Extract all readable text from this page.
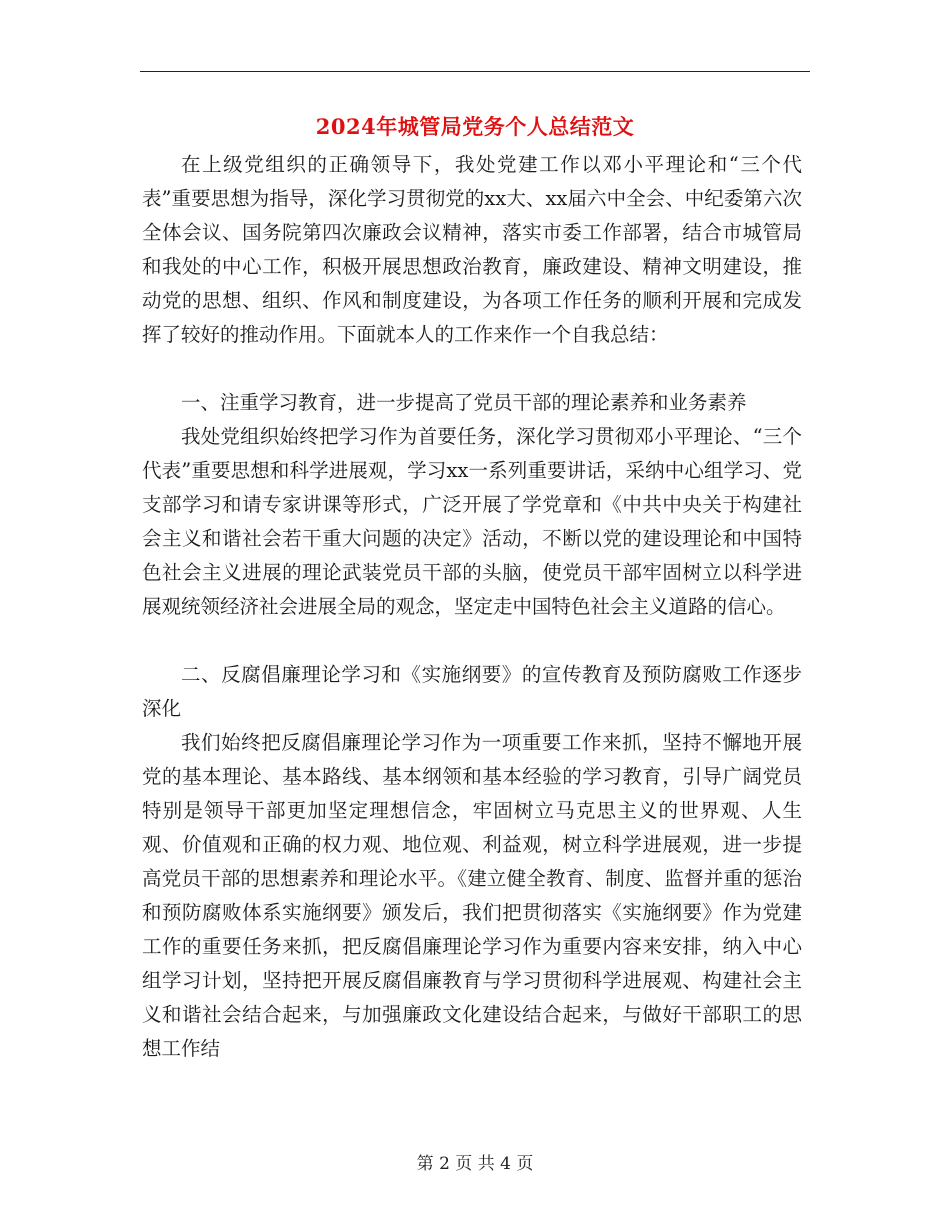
2024年城管局党务个人总结范文

在上级党组织的正确领导下，我处党建工作以邓小平理论和“三个代表”重要思想为指导，深化学习贯彻党的xx大、xx届六中全会、中纪委第六次全体会议、国务院第四次廉政会议精神，落实市委工作部署，结合市城管局和我处的中心工作，积极开展思想政治教育，廉政建设、精神文明建设，推动党的思想、组织、作风和制度建设，为各项工作任务的顺利开展和完成发挥了较好的推动作用。下面就本人的工作来作一个自我总结：

一、注重学习教育，进一步提高了党员干部的理论素养和业务素养

我处党组织始终把学习作为首要任务，深化学习贯彻邓小平理论、“三个代表”重要思想和科学进展观，学习xx一系列重要讲话，采纳中心组学习、党支部学习和请专家讲课等形式，广泛开展了学党章和《中共中央关于构建社会主义和谐社会若干重大问题的决定》活动，不断以党的建设理论和中国特色社会主义进展的理论武装党员干部的头脑，使党员干部牢固树立以科学进展观统领经济社会进展全局的观念，坚定走中国特色社会主义道路的信心。

二、反腐倡廉理论学习和《实施纲要》的宣传教育及预防腐败工作逐步深化

我们始终把反腐倡廉理论学习作为一项重要工作来抓，坚持不懈地开展党的基本理论、基本路线、基本纲领和基本经验的学习教育，引导广阔党员特别是领导干部更加坚定理想信念，牢固树立马克思主义的世界观、人生观、价值观和正确的权力观、地位观、利益观，树立科学进展观，进一步提高党员干部的思想素养和理论水平。《建立健全教育、制度、监督并重的惩治和预防腐败体系实施纲要》颁发后，我们把贯彻落实《实施纲要》作为党建工作的重要任务来抓，把反腐倡廉理论学习作为重要内容来安排，纳入中心组学习计划，坚持把开展反腐倡廉教育与学习贯彻科学进展观、构建社会主义和谐社会结合起来，与加强廉政文化建设结合起来，与做好干部职工的思想工作结

第 2 页 共 4 页
